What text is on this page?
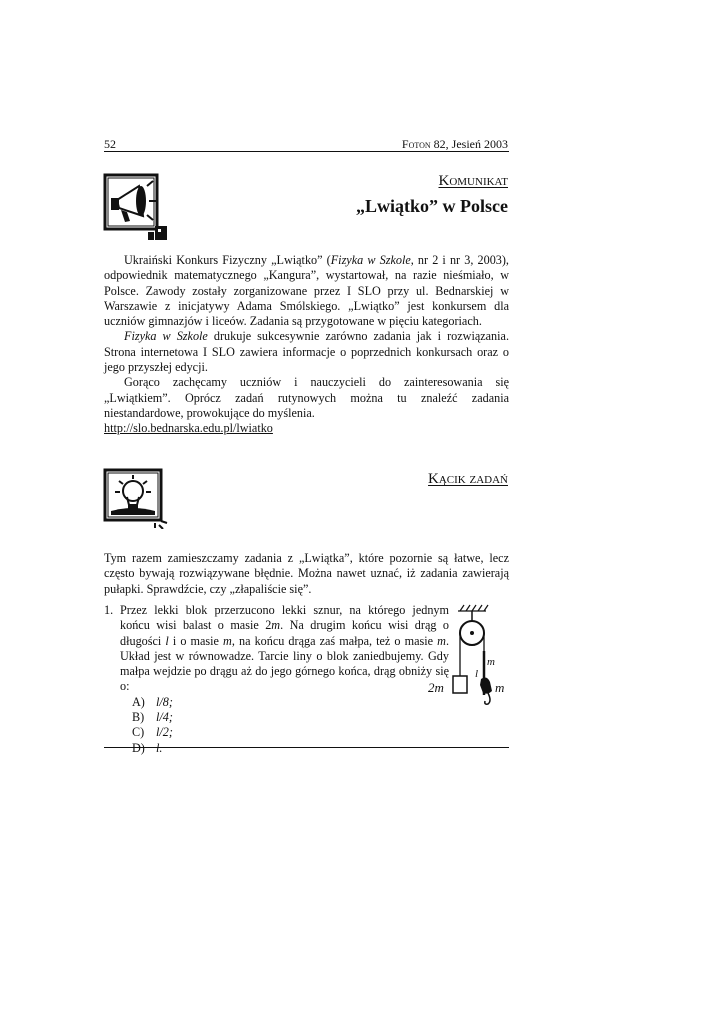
52	Foton 82, Jesień 2003
Komunikat
„Lwiątko” w Polsce

Ukraiński Konkurs Fizyczny „Lwiątko” (Fizyka w Szkole, nr 2 i nr 3, 2003), odpowiednik matematycznego „Kangura”, wystartował, na razie nieśmiało, w Polsce. Zawody zostały zorganizowane przez I SLO przy ul. Bednarskiej w Warszawie z inicjatywy Adama Smólskiego. „Lwiątko” jest konkursem dla uczniów gimnazjów i liceów. Zadania są przygotowane w pięciu kategoriach.

Fizyka w Szkole drukuje sukcesywnie zarówno zadania jak i rozwiązania. Strona internetowa I SLO zawiera informacje o poprzednich konkursach oraz o jego przyszłej edycji.

Gorąco zachęcamy uczniów i nauczycieli do zainteresowania się „Lwiątkiem”. Oprócz zadań rutynowych można tu znaleźć zadania niestandardowe, prowokujące do myślenia.

http://slo.bednarska.edu.pl/lwiatko
Kącik zadań

Tym razem zamieszczamy zadania z „Lwiątka”, które pozornie są łatwe, lecz często bywają rozwiązywane błędnie. Można nawet uznać, iż zadania zawierają pułapki. Sprawdźcie, czy „złapaliście się”.

1. Przez lekki blok przerzucono lekki sznur, na którego jednym końcu wisi balast o masie 2m. Na drugim końcu wisi drąg o długości l i o masie m, na końcu drąga zaś małpa, też o masie m. Układ jest w równowadze. Tarcie liny o blok zaniedbujemy. Gdy małpa wejdzie po drągu aż do jego górnego końca, drąg obniży się o:
A) l/8;
B) l/4;
C) l/2;
D) l.
2m
m
l
m
